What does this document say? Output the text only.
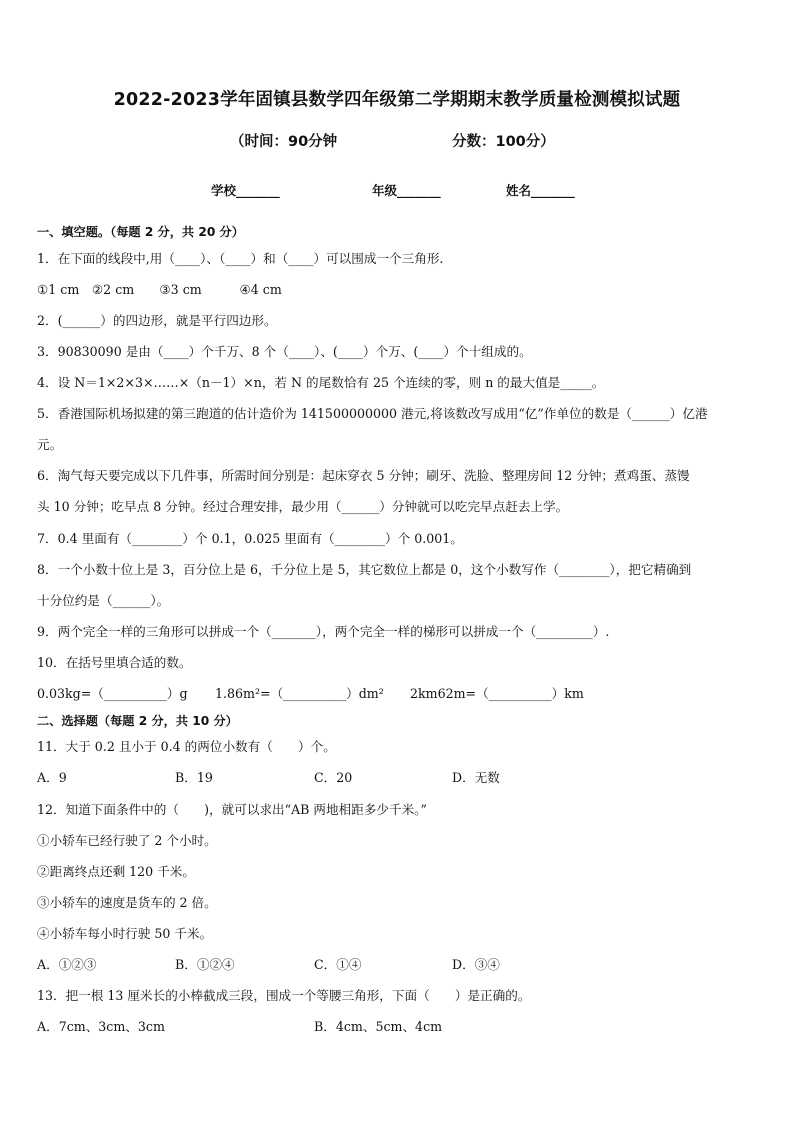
2022-2023学年固镇县数学四年级第二学期期末教学质量检测模拟试题
（时间：90分钟	分数：100分）
学校_______	年级_______	姓名_______
一、填空题。（每题 2 分，共 20 分）
1．在下面的线段中,用（____）、（____）和（____）可以围成一个三角形.
①1 cm　②2 cm　　③3 cm　　　④4 cm
2．(______）的四边形，就是平行四边形。
3．90830090 是由（____）个千万、8 个（____）、(____）个万、(____）个十组成的。
4．设 N＝1×2×3×……×（n－1）×n，若 N 的尾数恰有 25 个连续的零，则 n 的最大值是_____。
5．香港国际机场拟建的第三跑道的估计造价为 141500000000 港元,将该数改写成用“亿”作单位的数是（______）亿港
元。
6．淘气每天要完成以下几件事，所需时间分别是：起床穿衣 5 分钟；刷牙、洗脸、整理房间 12 分钟；煮鸡蛋、蒸馒
头 10 分钟；吃早点 8 分钟。经过合理安排，最少用（______）分钟就可以吃完早点赶去上学。
7．0.4 里面有（________）个 0.1，0.025 里面有（________）个 0.001。
8．一个小数十位上是 3，百分位上是 6，千分位上是 5，其它数位上都是 0，这个小数写作（________），把它精确到
十分位约是（______）。
9．两个完全一样的三角形可以拼成一个（_______），两个完全一样的梯形可以拼成一个（_________）.
10．在括号里填合适的数。
0.03kg=（__________）g 1.86m²=（__________）dm² 2km62m=（__________）km
二、选择题（每题 2 分，共 10 分）
11．大于 0.2 且小于 0.4 的两位小数有（　　）个。
A．9	B．19	C．20	D．无数
12．知道下面条件中的（　　)，就可以求出“AB 两地相距多少千米。”
①小轿车已经行驶了 2 个小时。
②距离终点还剩 120 千米。
③小轿车的速度是货车的 2 倍。
④小轿车每小时行驶 50 千米。
A．①②③	B．①②④	C．①④	D．③④
13．把一根 13 厘米长的小棒截成三段，围成一个等腰三角形，下面（　　）是正确的。
A．7cm、3cm、3cm	B．4cm、5cm、4cm
